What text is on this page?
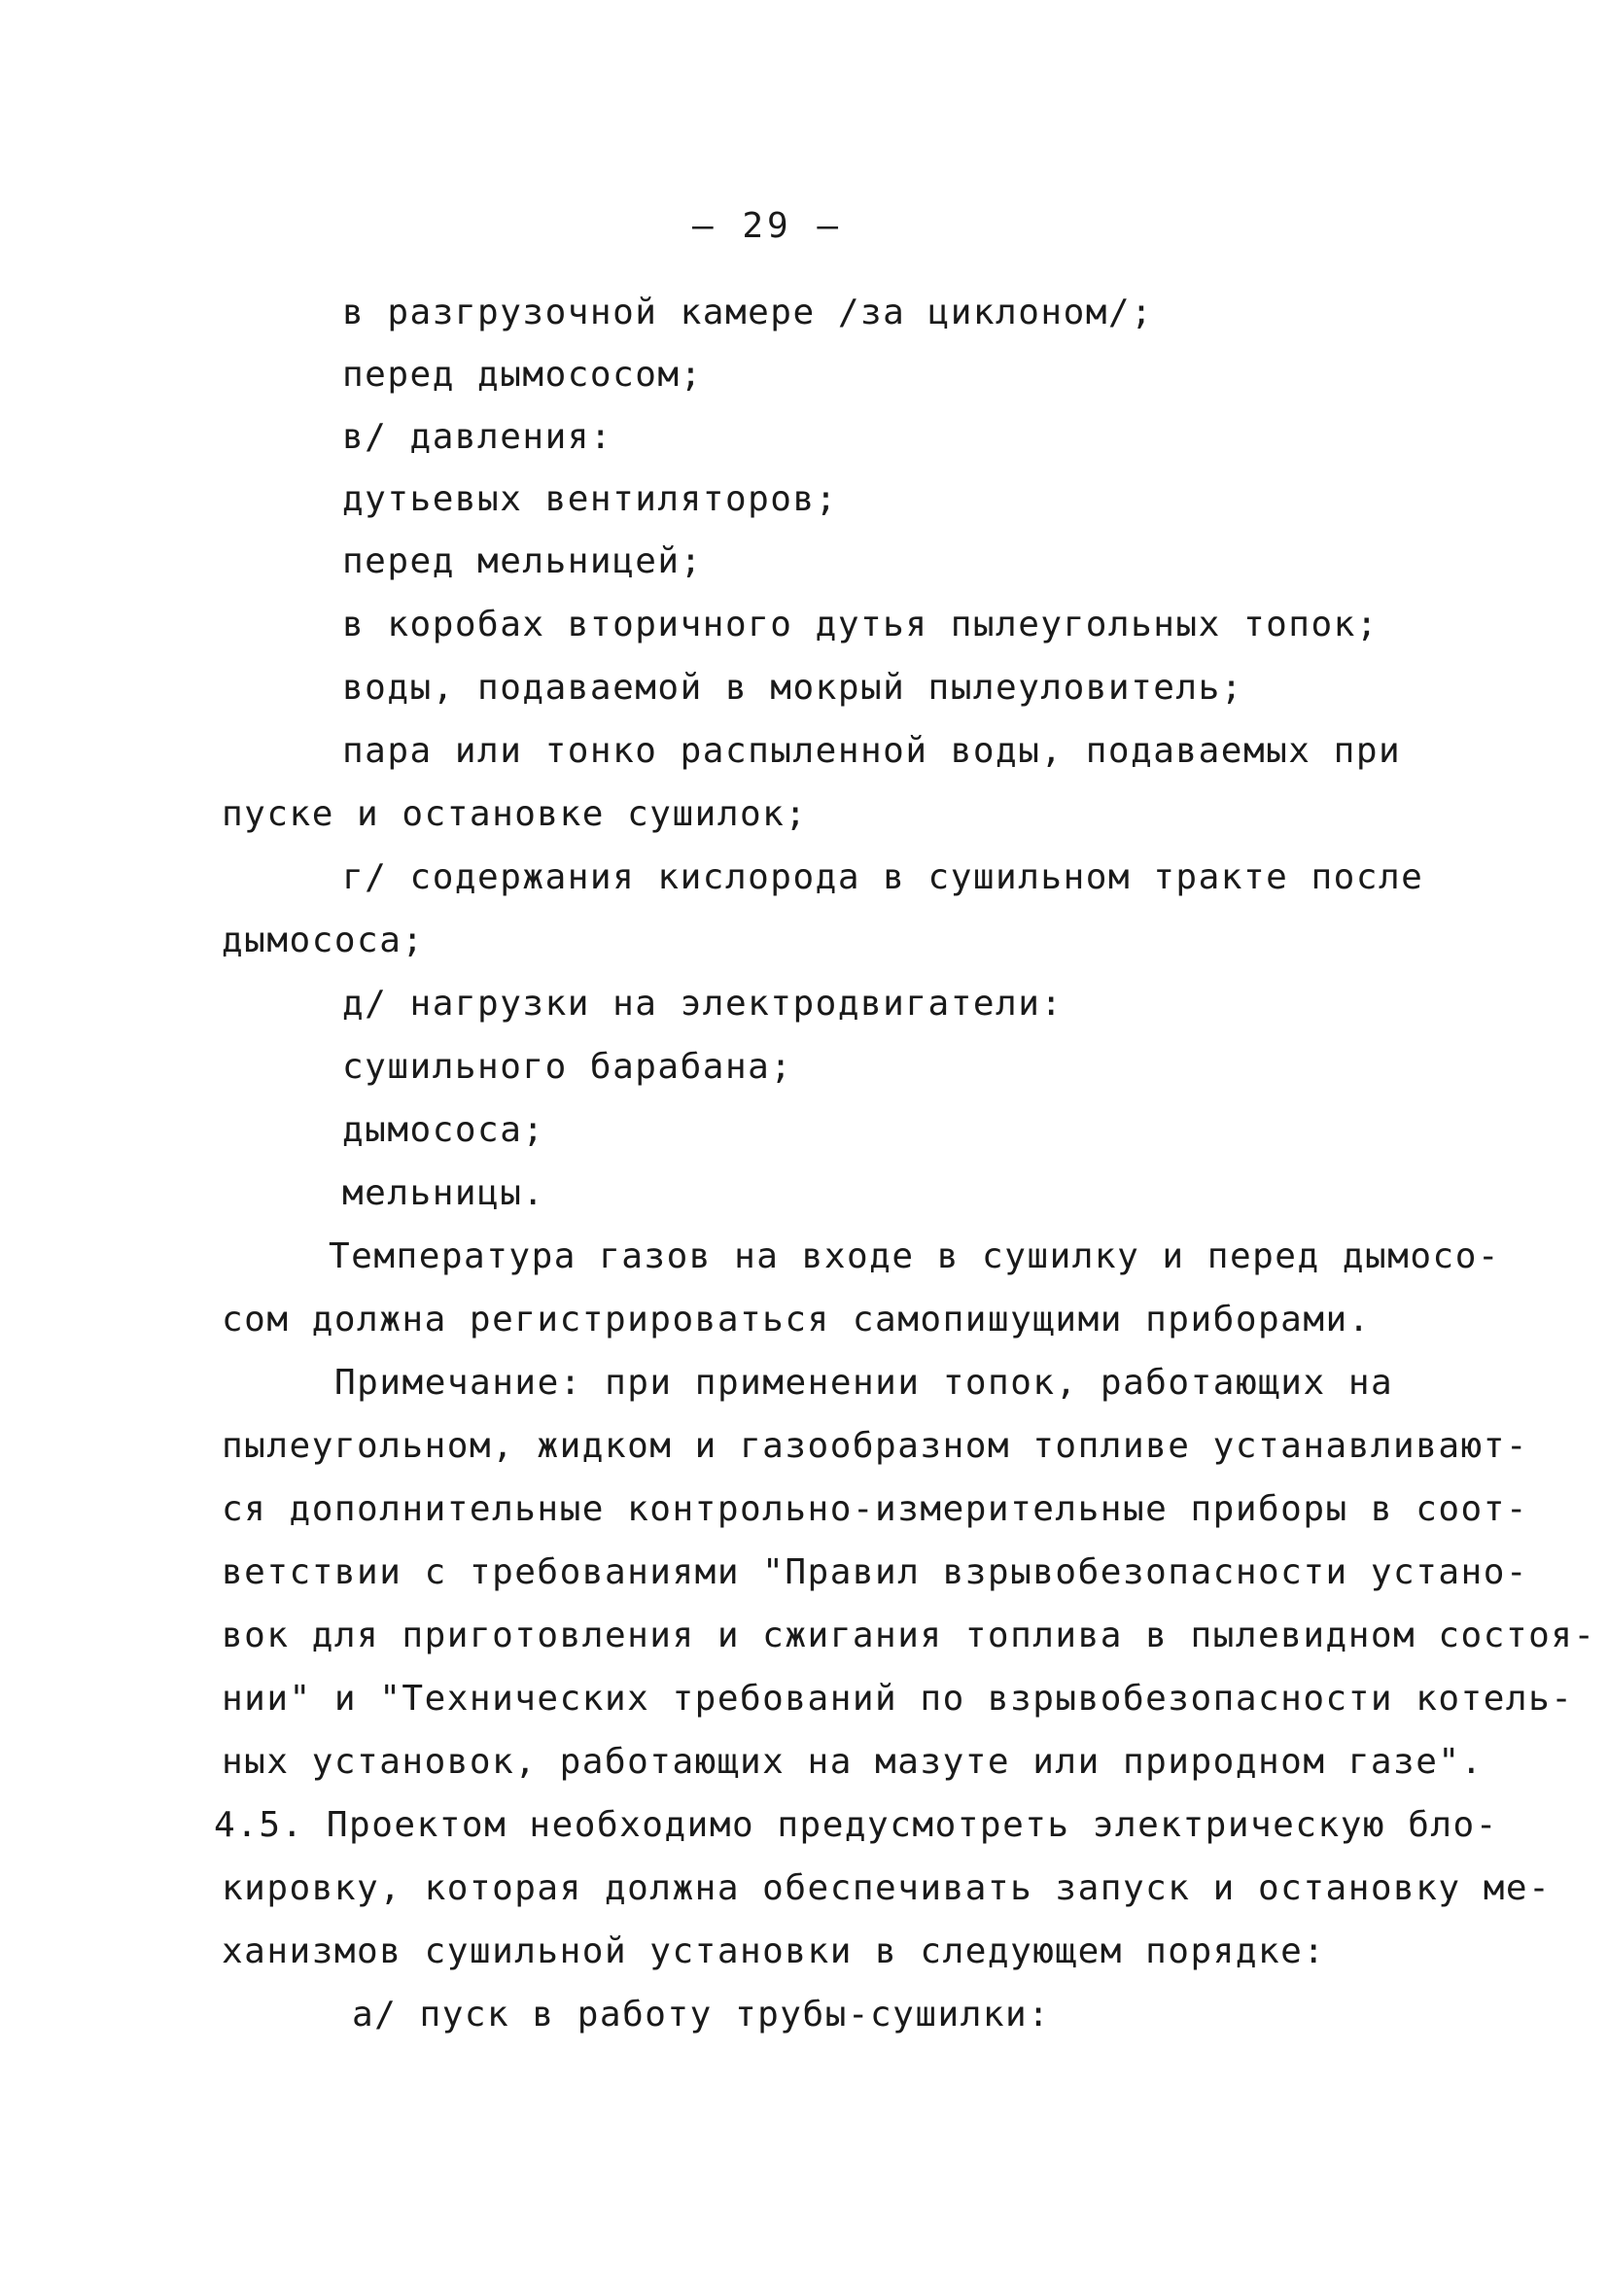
– 29 –
в разгрузочной камере /за циклоном/;
перед дымососом;
в/ давления:
дутьевых вентиляторов;
перед мельницей;
в коробах вторичного дутья пылеугольных топок;
воды, подаваемой в мокрый пылеуловитель;
пара или тонко распыленной воды, подаваемых при
пуске и остановке сушилок;
г/ содержания кислорода в сушильном тракте после
дымососа;
д/ нагрузки на электродвигатели:
сушильного барабана;
дымососа;
мельницы.
Температура газов на входе в сушилку и перед дымосо-
сом должна регистрироваться самопишущими приборами.
Примечание: при применении топок, работающих на
пылеугольном, жидком и газообразном топливе устанавливают-
ся дополнительные контрольно-измерительные приборы в соот-
ветствии с требованиями "Правил взрывобезопасности устано-
вок для приготовления и сжигания топлива в пылевидном состоя-
нии" и "Технических требований по взрывобезопасности котель-
ных установок, работающих на мазуте или природном газе".
4.5. Проектом необходимо предусмотреть электрическую бло-
кировку, которая должна обеспечивать запуск и остановку ме-
ханизмов сушильной установки в следующем порядке:
а/ пуск в работу трубы-сушилки:
